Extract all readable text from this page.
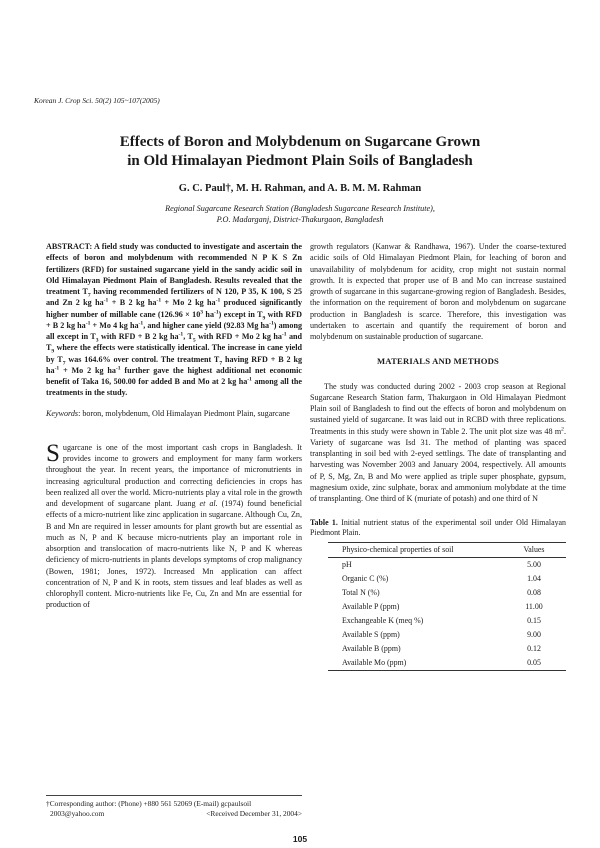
Korean J. Crop Sci. 50(2) 105~107(2005)
Effects of Boron and Molybdenum on Sugarcane Grown
in Old Himalayan Piedmont Plain Soils of Bangladesh
G. C. Paul†, M. H. Rahman, and A. B. M. M. Rahman
Regional Sugarcane Research Station (Bangladesh Sugarcane Research Institute),
P.O. Madarganj, District-Thakurgaon, Bangladesh
ABSTRACT: A field study was conducted to investigate and ascertain the effects of boron and molybdenum with recommended N P K S Zn fertilizers (RFD) for sustained sugarcane yield in the sandy acidic soil in Old Himalayan Piedmont Plain of Bangladesh. Results revealed that the treatment $T_7$ having recommended fertilizers of N 120, P 35, K 100, S 25 and Zn 2 kg $ha^{-1} + B$ 2 kg $ha^{-1} + Mo$ 2 kg $ha^{-1}$ produced significantly higher number of millable cane ($126.96 \times 10^3$ $ha^{-1}$) except in $T_9$ with RFD + B 2 kg $ha^{-1} + Mo$ 4 kg $ha^{-1}$, and higher cane yield (92.83 Mg $ha^{-1}$) among all except in $T_3$ with RFD + B 2 kg $ha^{-1}$, $T_5$ with RFD + Mo 2 kg $ha^{-1}$ and $T_9$ where the effects were statistically identical. The increase in cane yield by $T_7$ was 164.6% over control. The treatment $T_7$ having RFD + B 2 kg $ha^{-1} + Mo$ 2 kg $ha^{-1}$ further gave the highest additional net economic benefit of Taka 16, 500.00 for added B and Mo at 2 kg $ha^{-1}$ among all the treatments in the study.
Keywords: boron, molybdenum, Old Himalayan Piedmont Plain, sugarcane
Sugarcane is one of the most important cash crops in Bangladesh. It provides income to growers and employment for many farm workers throughout the year. In recent years, the importance of micronutrients in increasing agricultural production and correcting deficiencies in crops has been realized all over the world. Micro-nutrients play a vital role in the growth and development of sugarcane plant. Juang et al. (1974) found beneficial effects of a micro-nutrient like zinc application in sugarcane. Although Cu, Zn, B and Mn are required in lesser amounts for plant growth but are essential as much as N, P and K because micro-nutrients play an important role in absorption and translocation of macro-nutrients like N, P and K whereas deficiency of micro-nutrients in plants develops symptoms of crop malignancy (Bowen, 1981; Jones, 1972). Increased Mn application can affect concentration of N, P and K in roots, stem tissues and leaf blades as well as chlorophyll content. Micro-nutrients like Fe, Cu, Zn and Mn are essential for production of
growth regulators (Kanwar & Randhawa, 1967). Under the coarse-textured acidic soils of Old Himalayan Piedmont Plain, for leaching of boron and unavailability of molybdenum for acidity, crop might not sustain normal growth. It is expected that proper use of B and Mo can increase sustained growth of sugarcane in this sugarcane-growing region of Bangladesh. Besides, the information on the requirement of boron and molybdenum on sugarcane production in Bangladesh is scarce. Therefore, this investigation was undertaken to ascertain and quantify the requirement of boron and molybdenum on sustainable production of sugarcane.
MATERIALS AND METHODS
The study was conducted during 2002 - 2003 crop season at Regional Sugarcane Research Station farm, Thakurgaon in Old Himalayan Piedmont Plain soil of Bangladesh to find out the effects of boron and molybdenum on sustained yield of sugarcane. It was laid out in RCBD with three replications. Treatments in this study were shown in Table 2. The unit plot size was 48 $m^2$. Variety of sugarcane was Isd 31. The method of planting was spaced transplanting in soil bed with 2-eyed settlings. The date of transplanting and harvesting was November 2003 and January 2004, respectively. All amounts of P, S, Mg, Zn, B and Mo were applied as triple super phosphate, gypsum, magnesium oxide, zinc sulphate, borax and ammonium molybdate at the time of transplanting. One third of K (muriate of potash) and one third of N
Table 1. Initial nutrient status of the experimental soil under Old Himalayan Piedmont Plain.
Physico-chemical properties of soil	Values
pH	5.00
Organic C (%)	1.04
Total N (%)	0.08
Available P (ppm)	11.00
Exchangeable K (meq %)	0.15
Available S (ppm)	9.00
Available B (ppm)	0.12
Available Mo (ppm)	0.05
†Corresponding author: (Phone) +880 561 52069 (E-mail) gcpaulsoil
2003@yahoo.com	<Received December 31, 2004>
105
